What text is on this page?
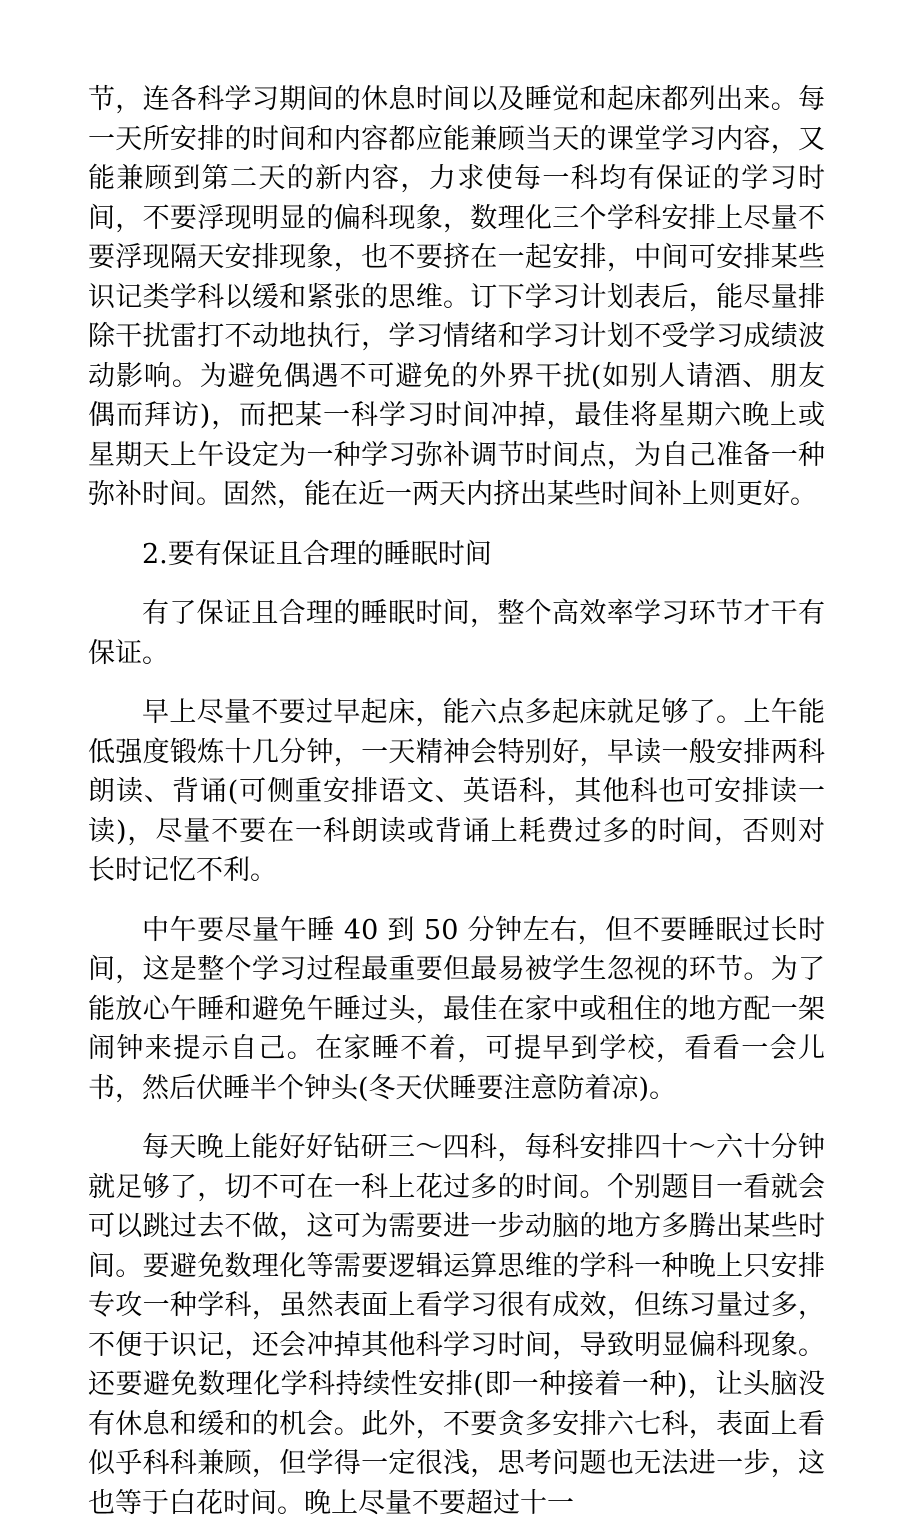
节，连各科学习期间的休息时间以及睡觉和起床都列出来。每一天所安排的时间和内容都应能兼顾当天的课堂学习内容，又能兼顾到第二天的新内容，力求使每一科均有保证的学习时间，不要浮现明显的偏科现象，数理化三个学科安排上尽量不要浮现隔天安排现象，也不要挤在一起安排，中间可安排某些识记类学科以缓和紧张的思维。订下学习计划表后，能尽量排除干扰雷打不动地执行，学习情绪和学习计划不受学习成绩波动影响。为避免偶遇不可避免的外界干扰(如别人请酒、朋友偶而拜访)，而把某一科学习时间冲掉，最佳将星期六晚上或星期天上午设定为一种学习弥补调节时间点，为自己准备一种弥补时间。固然，能在近一两天内挤出某些时间补上则更好。

2.要有保证且合理的睡眠时间

有了保证且合理的睡眠时间，整个高效率学习环节才干有保证。

早上尽量不要过早起床，能六点多起床就足够了。上午能低强度锻炼十几分钟，一天精神会特别好，早读一般安排两科朗读、背诵(可侧重安排语文、英语科，其他科也可安排读一读)，尽量不要在一科朗读或背诵上耗费过多的时间，否则对长时记忆不利。

中午要尽量午睡 40 到 50 分钟左右，但不要睡眠过长时间，这是整个学习过程最重要但最易被学生忽视的环节。为了能放心午睡和避免午睡过头，最佳在家中或租住的地方配一架闹钟来提示自己。在家睡不着，可提早到学校，看看一会儿书，然后伏睡半个钟头(冬天伏睡要注意防着凉)。

每天晚上能好好钻研三～四科，每科安排四十～六十分钟就足够了，切不可在一科上花过多的时间。个别题目一看就会可以跳过去不做，这可为需要进一步动脑的地方多腾出某些时间。要避免数理化等需要逻辑运算思维的学科一种晚上只安排专攻一种学科，虽然表面上看学习很有成效，但练习量过多，不便于识记，还会冲掉其他科学习时间，导致明显偏科现象。还要避免数理化学科持续性安排(即一种接着一种)，让头脑没有休息和缓和的机会。此外，不要贪多安排六七科，表面上看似乎科科兼顾，但学得一定很浅，思考问题也无法进一步，这也等于白花时间。晚上尽量不要超过十一
